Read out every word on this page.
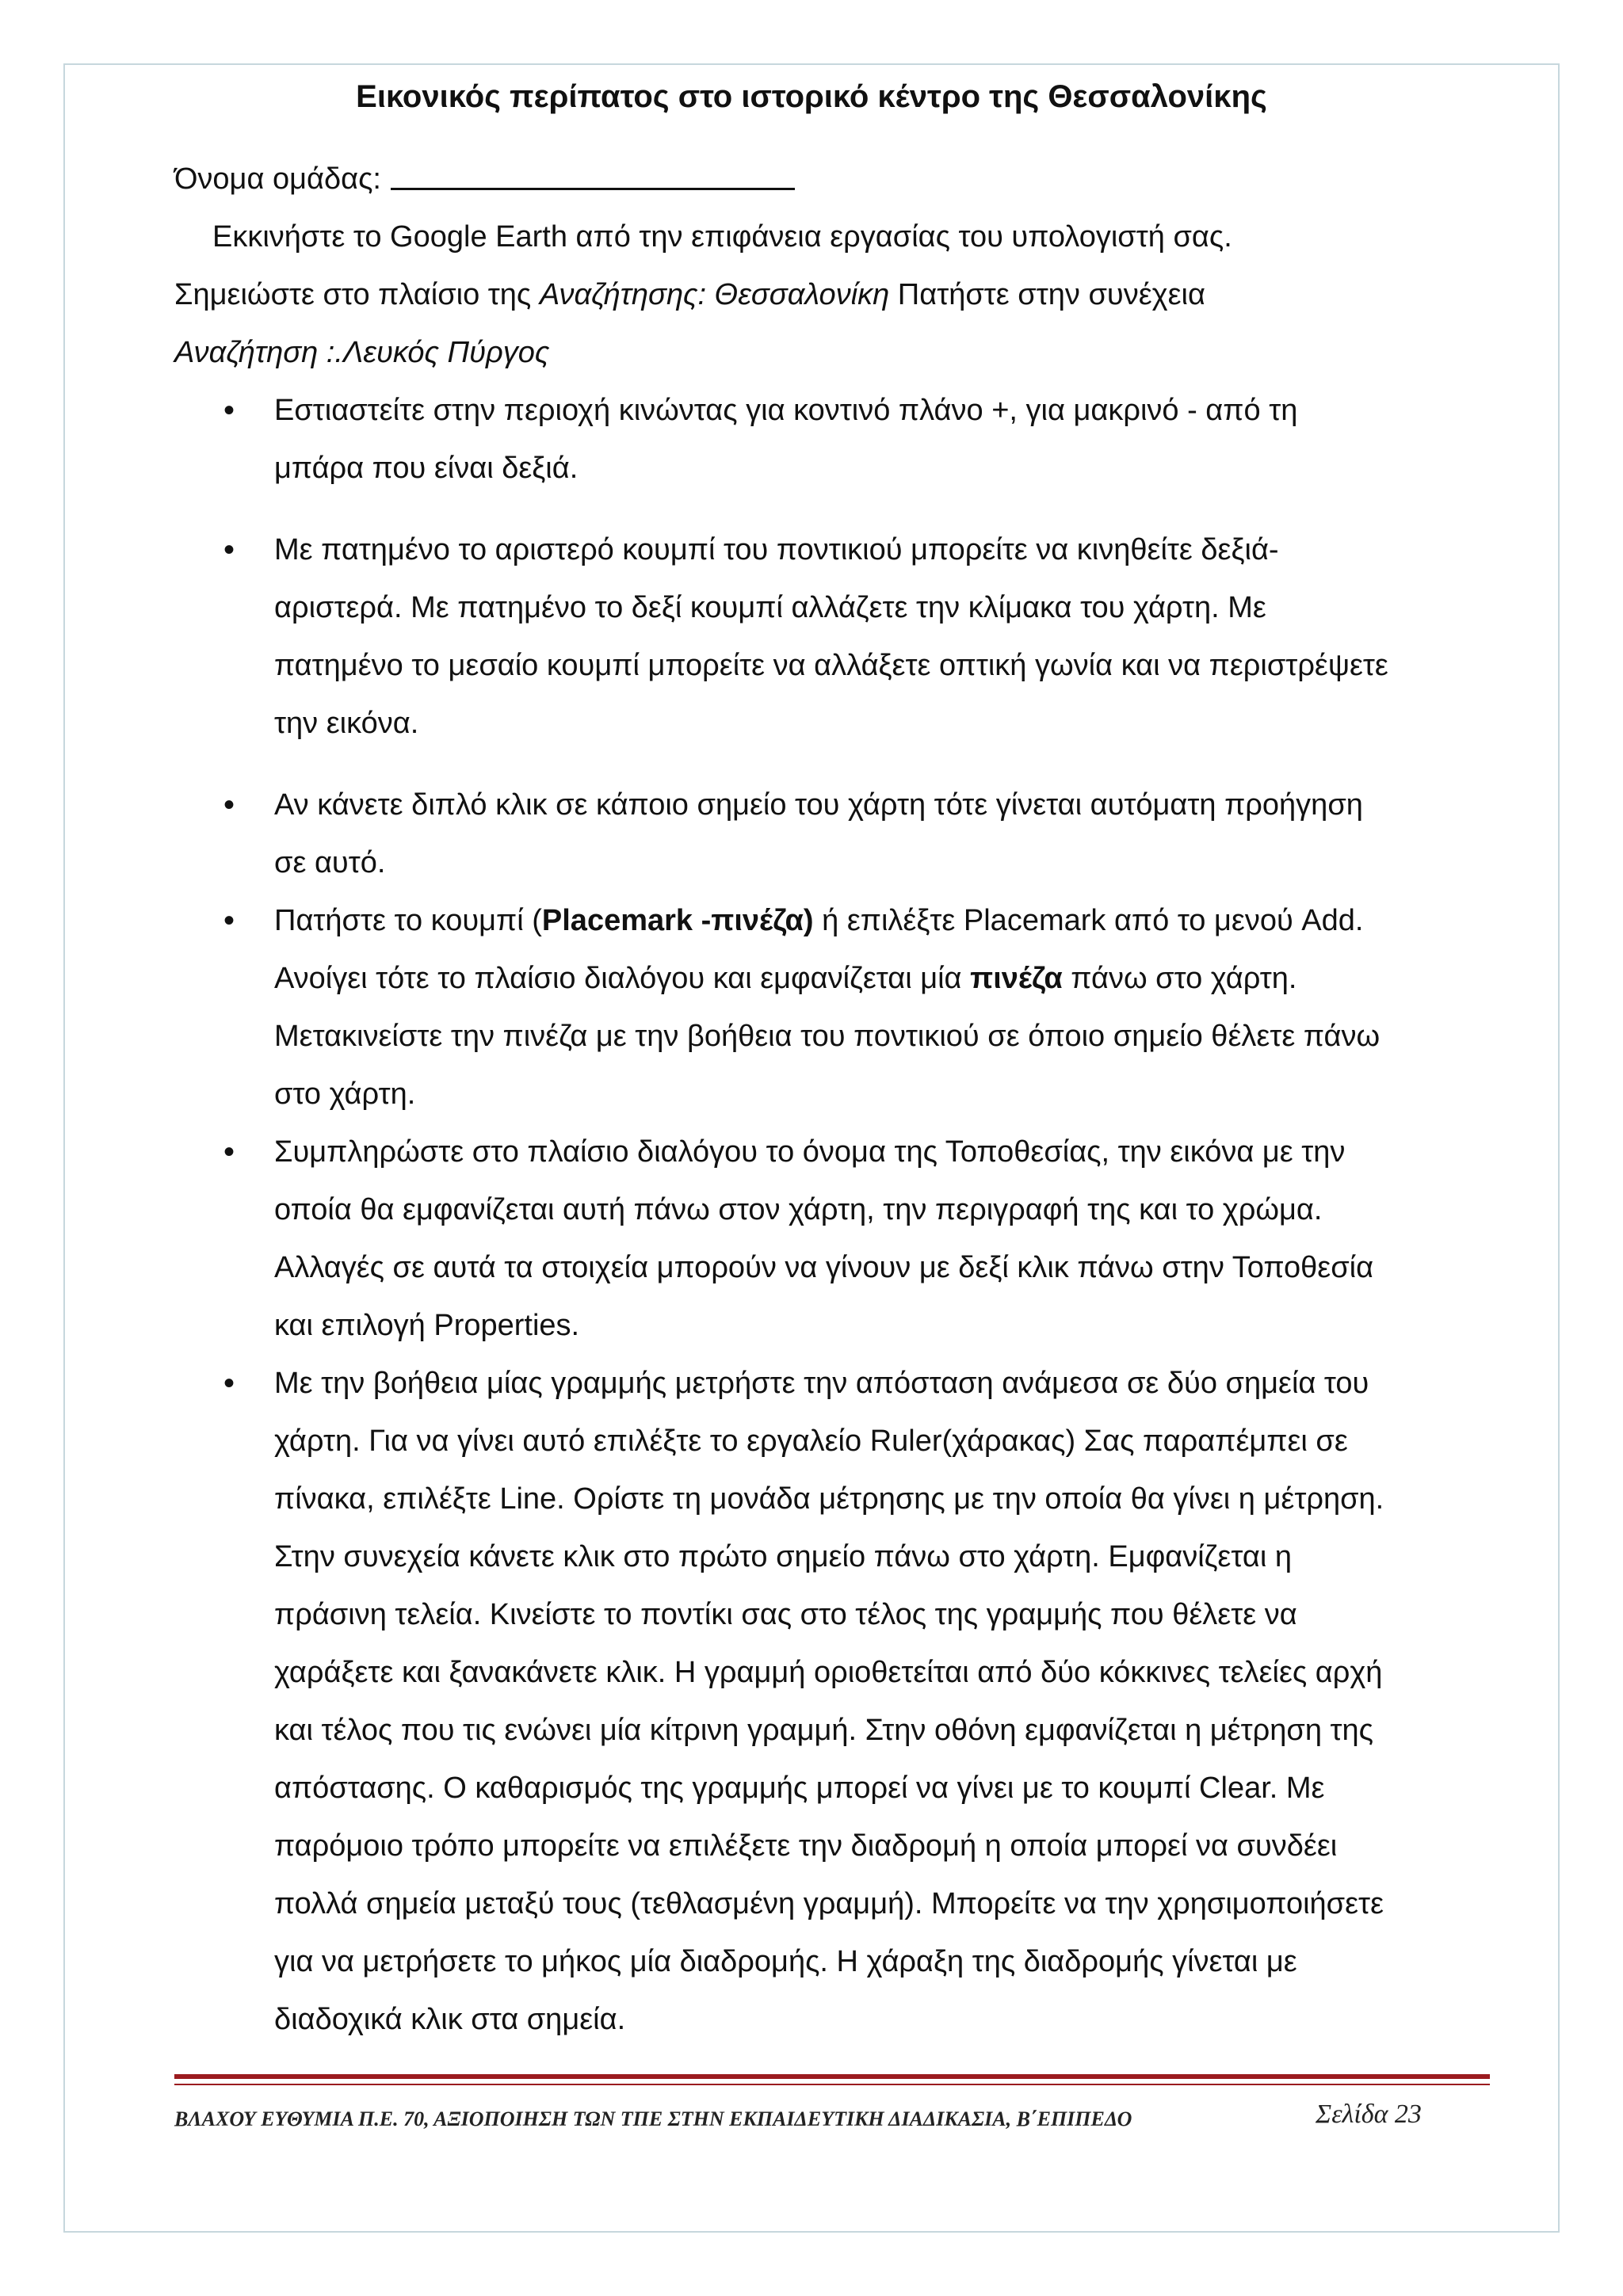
Εικονικός περίπατος στο ιστορικό κέντρο της Θεσσαλονίκης
Όνομα ομάδας:
Εκκινήστε το Google Earth από την επιφάνεια εργασίας του υπολογιστή σας.
Σημειώστε στο πλαίσιο της Αναζήτησης: Θεσσαλονίκη Πατήστε στην συνέχεια
Αναζήτηση :.Λευκός Πύργος
• Εστιαστείτε στην περιοχή κινώντας για κοντινό πλάνο +, για μακρινό - από τη
μπάρα που είναι δεξιά.
• Με πατημένο το αριστερό κουμπί του ποντικιού μπορείτε να κινηθείτε δεξιά-
αριστερά. Με πατημένο το δεξί κουμπί αλλάζετε την κλίμακα του χάρτη. Με
πατημένο το μεσαίο κουμπί μπορείτε να αλλάξετε οπτική γωνία και να περιστρέψετε
την εικόνα.
• Αν κάνετε διπλό κλικ σε κάποιο σημείο του χάρτη τότε γίνεται αυτόματη προήγηση
σε αυτό.
• Πατήστε το κουμπί (Placemark -πινέζα) ή επιλέξτε Placemark από το μενού Add.
Ανοίγει τότε το πλαίσιο διαλόγου και εμφανίζεται μία πινέζα πάνω στο χάρτη.
Μετακινείστε την πινέζα με την βοήθεια του ποντικιού σε όποιο σημείο θέλετε πάνω
στο χάρτη.
• Συμπληρώστε στο πλαίσιο διαλόγου το όνομα της Τοποθεσίας, την εικόνα με την
οποία θα εμφανίζεται αυτή πάνω στον χάρτη, την περιγραφή της και το χρώμα.
Αλλαγές σε αυτά τα στοιχεία μπορούν να γίνουν με δεξί κλικ πάνω στην Τοποθεσία
και επιλογή Properties.
• Με την βοήθεια μίας γραμμής μετρήστε την απόσταση ανάμεσα σε δύο σημεία του
χάρτη. Για να γίνει αυτό επιλέξτε το εργαλείο Ruler(χάρακας) Σας παραπέμπει σε
πίνακα, επιλέξτε Line. Ορίστε τη μονάδα μέτρησης με την οποία θα γίνει η μέτρηση.
Στην συνεχεία κάνετε κλικ στο πρώτο σημείο πάνω στο χάρτη. Εμφανίζεται η
πράσινη τελεία. Κινείστε το ποντίκι σας στο τέλος της γραμμής που θέλετε να
χαράξετε και ξανακάνετε κλικ. Η γραμμή οριοθετείται από δύο κόκκινες τελείες αρχή
και τέλος που τις ενώνει μία κίτρινη γραμμή. Στην οθόνη εμφανίζεται η μέτρηση της
απόστασης. Ο καθαρισμός της γραμμής μπορεί να γίνει με το κουμπί Clear. Με
παρόμοιο τρόπο μπορείτε να επιλέξετε την διαδρομή η οποία μπορεί να συνδέει
πολλά σημεία μεταξύ τους (τεθλασμένη γραμμή). Μπορείτε να την χρησιμοποιήσετε
για να μετρήσετε το μήκος μία διαδρομής. Η χάραξη της διαδρομής γίνεται με
διαδοχικά κλικ στα σημεία.
ΒΛΑΧΟΥ ΕΥΘΥΜΙΑ Π.Ε. 70, ΑΞΙΟΠΟΙΗΣΗ ΤΩΝ ΤΠΕ ΣΤΗΝ ΕΚΠΑΙΔΕΥΤΙΚΗ ΔΙΑΔΙΚΑΣΙΑ, Β΄ΕΠΙΠΕΔΟ	Σελίδα 23
